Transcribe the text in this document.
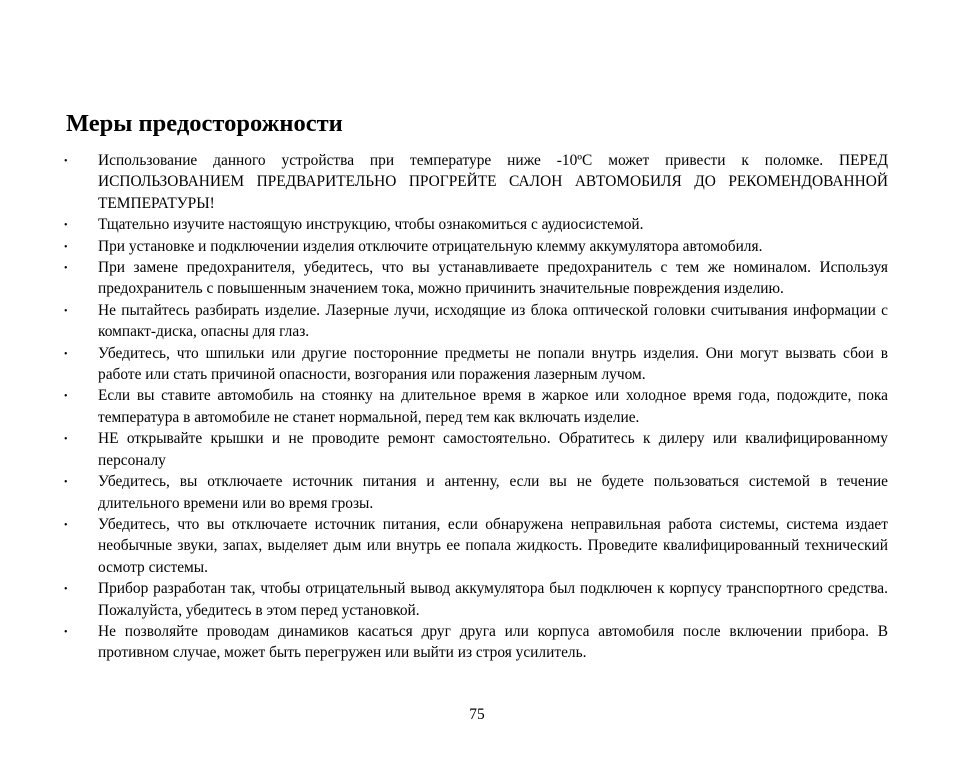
Меры предосторожности
• Использование данного устройства при температуре ниже -10ºС может привести к поломке. ПЕРЕД ИСПОЛЬЗОВАНИЕМ ПРЕДВАРИТЕЛЬНО ПРОГРЕЙТЕ САЛОН АВТОМОБИЛЯ ДО РЕКОМЕНДОВАННОЙ ТЕМПЕРАТУРЫ!
• Тщательно изучите настоящую инструкцию, чтобы ознакомиться с аудиосистемой.
• При установке и подключении изделия отключите отрицательную клемму аккумулятора автомобиля.
• При замене предохранителя, убедитесь, что вы устанавливаете предохранитель с тем же номиналом. Используя предохранитель с повышенным значением тока, можно причинить значительные повреждения изделию.
• Не пытайтесь разбирать изделие. Лазерные лучи, исходящие из блока оптической головки считывания информации с компакт-диска, опасны для глаз.
• Убедитесь, что шпильки или другие посторонние предметы не попали внутрь изделия. Они могут вызвать сбои в работе или стать причиной опасности, возгорания или поражения лазерным лучом.
• Если вы ставите автомобиль на стоянку на длительное время в жаркое или холодное время года, подождите, пока температура в автомобиле не станет нормальной, перед тем как включать изделие.
• НЕ открывайте крышки и не проводите ремонт самостоятельно. Обратитесь к дилеру или квалифицированному персоналу
• Убедитесь, вы отключаете источник питания и антенну, если вы не будете пользоваться системой в течение длительного времени или во время грозы.
• Убедитесь, что вы отключаете источник питания, если обнаружена неправильная работа системы, система издает необычные звуки, запах, выделяет дым или внутрь ее попала жидкость. Проведите квалифицированный технический осмотр системы.
• Прибор разработан так, чтобы отрицательный вывод аккумулятора был подключен к корпусу транспортного средства. Пожалуйста, убедитесь в этом перед установкой.
• Не позволяйте проводам динамиков касаться друг друга или корпуса автомобиля после включении прибора. В противном случае, может быть перегружен или выйти из строя усилитель.
75
